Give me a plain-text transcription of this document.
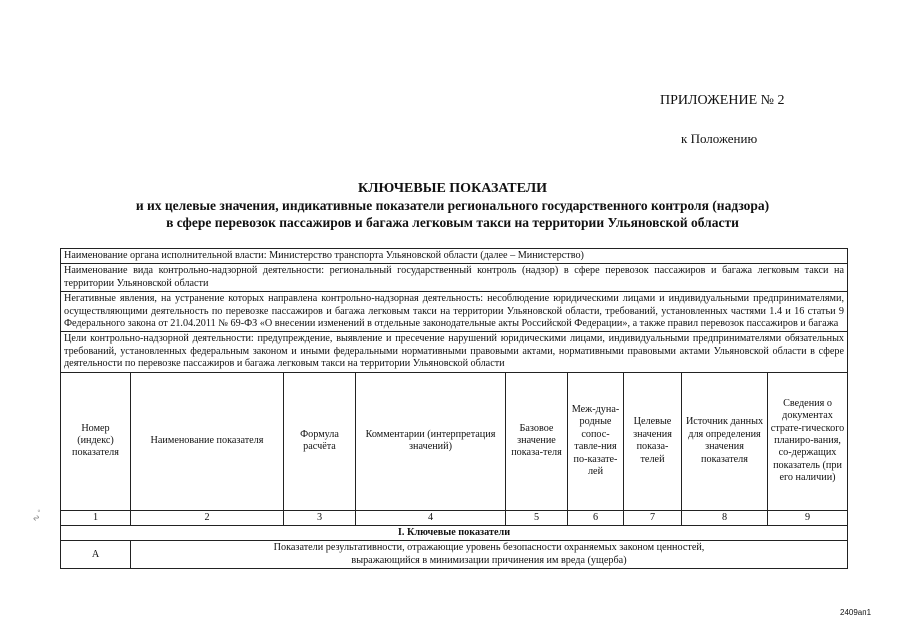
ПРИЛОЖЕНИЕ № 2
к Положению
КЛЮЧЕВЫЕ ПОКАЗАТЕЛИ
и их целевые значения, индикативные показатели регионального государственного контроля (надзора)
в сфере перевозок пассажиров и багажа легковым такси на территории Ульяновской области
∿ ◦
Наименование органа исполнительной власти: Министерство транспорта Ульяновской области (далее – Министерство)								
Наименование вида контрольно-надзорной деятельности: региональный государственный контроль (надзор) в сфере перевозок пассажиров и багажа легковым такси на территории Ульяновской области								
Негативные явления, на устранение которых направлена контрольно-надзорная деятельность: несоблюдение юридическими лицами и индивидуальными предпринимателями, осуществляющими деятельность по перевозке пассажиров и багажа легковым такси на территории Ульяновской области, требований, установленных частями 1.4 и 16 статьи 9 Федерального закона от 21.04.2011 № 69-ФЗ «О внесении изменений в отдельные законодательные акты Российской Федерации», а также правил перевозок пассажиров и багажа								
Цели контрольно-надзорной деятельности: предупреждение, выявление и пресечение нарушений юридическими лицами, индивидуальными предпринимателями обязательных требований, установленных федеральным законом и иными федеральными нормативными правовыми актами, нормативными правовыми актами Ульяновской области в сфере деятельности по перевозке пассажиров и багажа легковым такси на территории Ульяновской области								
Номер (индекс) показателя	Наименование показателя	Формула расчёта	Комментарии (интерпретация значений)	Базовое значение показа-теля	Меж-дуна-родные сопос-тавле-ния по-казате-лей	Целевые значения показа-телей	Источник данных для определения значения показателя	Сведения о документах страте-гического планиро-вания, со-держащих показатель (при его наличии)
1	2	3	4	5	6	7	8	9
I. Ключевые показатели								
А	Показатели результативности, отражающие уровень безопасности охраняемых законом ценностей,
выражающийся в минимизации причинения им вреда (ущерба)							
2409ап1
